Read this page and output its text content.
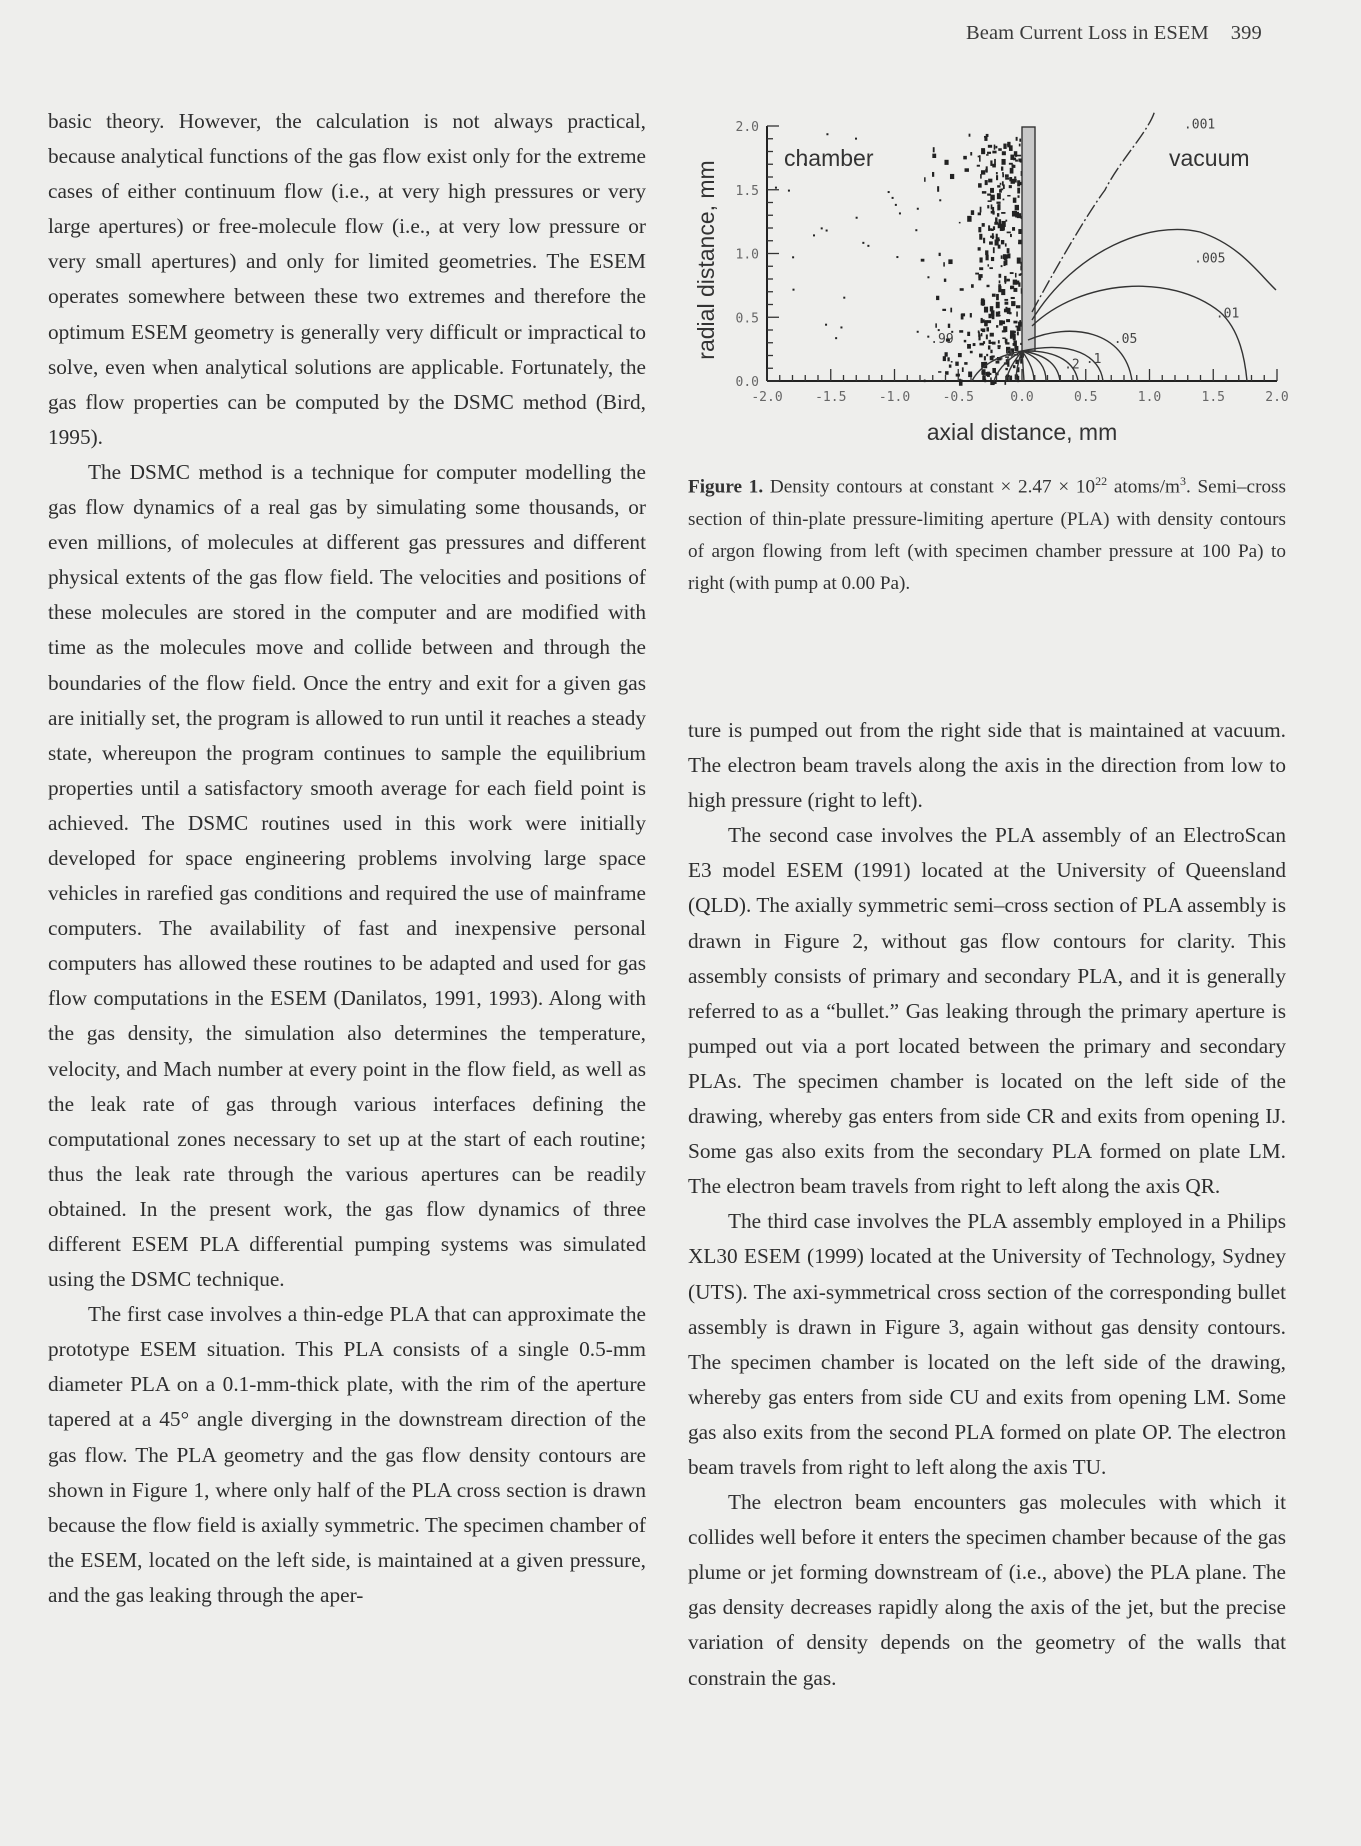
Beam Current Loss in ESEM 399

basic theory. However, the calculation is not always practical, because analytical functions of the gas flow exist only for the extreme cases of either continuum flow (i.e., at very high pressures or very large apertures) or free-molecule flow (i.e., at very low pressure or very small apertures) and only for limited geometries. The ESEM operates somewhere between these two extremes and therefore the optimum ESEM geometry is generally very difficult or impractical to solve, even when analytical solutions are applicable. Fortunately, the gas flow properties can be computed by the DSMC method (Bird, 1995).

The DSMC method is a technique for computer modelling the gas flow dynamics of a real gas by simulating some thousands, or even millions, of molecules at different gas pressures and different physical extents of the gas flow field. The velocities and positions of these molecules are stored in the computer and are modified with time as the molecules move and collide between and through the boundaries of the flow field. Once the entry and exit for a given gas are initially set, the program is allowed to run until it reaches a steady state, whereupon the program continues to sample the equilibrium properties until a satisfactory smooth average for each field point is achieved. The DSMC routines used in this work were initially developed for space engineering problems involving large space vehicles in rarefied gas conditions and required the use of mainframe computers. The availability of fast and inexpensive personal computers has allowed these routines to be adapted and used for gas flow computations in the ESEM (Danilatos, 1991, 1993). Along with the gas density, the simulation also determines the temperature, velocity, and Mach number at every point in the flow field, as well as the leak rate of gas through various interfaces defining the computational zones necessary to set up at the start of each routine; thus the leak rate through the various apertures can be readily obtained. In the present work, the gas flow dynamics of three different ESEM PLA differential pumping systems was simulated using the DSMC technique.

The first case involves a thin-edge PLA that can approximate the prototype ESEM situation. This PLA consists of a single 0.5-mm diameter PLA on a 0.1-mm-thick plate, with the rim of the aperture tapered at a 45° angle diverging in the downstream direction of the gas flow. The PLA geometry and the gas flow density contours are shown in Figure 1, where only half of the PLA cross section is drawn because the flow field is axially symmetric. The specimen chamber of the ESEM, located on the left side, is maintained at a given pressure, and the gas leaking through the aper-

radial distance, mm
0.0
0.5
1.0
1.5
2.0
-2.0 -1.5 -1.0 -0.5	0.0	0.5	1.0	1.5	2.0
.99
.9
.2 .1
.05
.01
.005
.001
chamber	vacuum
axial distance, mm
Figure 1. Density contours at constant × $2.47 \times 10^{22}$ atoms/$m^3$. Semi–cross section of thin-plate pressure-limiting aperture (PLA) with density contours of argon flowing from left (with specimen chamber pressure at 100 Pa) to right (with pump at 0.00 Pa).

ture is pumped out from the right side that is maintained at vacuum. The electron beam travels along the axis in the direction from low to high pressure (right to left).

The second case involves the PLA assembly of an ElectroScan E3 model ESEM (1991) located at the University of Queensland (QLD). The axially symmetric semi–cross section of PLA assembly is drawn in Figure 2, without gas flow contours for clarity. This assembly consists of primary and secondary PLA, and it is generally referred to as a “bullet.” Gas leaking through the primary aperture is pumped out via a port located between the primary and secondary PLAs. The specimen chamber is located on the left side of the drawing, whereby gas enters from side CR and exits from opening IJ. Some gas also exits from the secondary PLA formed on plate LM. The electron beam travels from right to left along the axis QR.

The third case involves the PLA assembly employed in a Philips XL30 ESEM (1999) located at the University of Technology, Sydney (UTS). The axi-symmetrical cross section of the corresponding bullet assembly is drawn in Figure 3, again without gas density contours. The specimen chamber is located on the left side of the drawing, whereby gas enters from side CU and exits from opening LM. Some gas also exits from the second PLA formed on plate OP. The electron beam travels from right to left along the axis TU.

The electron beam encounters gas molecules with which it collides well before it enters the specimen chamber because of the gas plume or jet forming downstream of (i.e., above) the PLA plane. The gas density decreases rapidly along the axis of the jet, but the precise variation of density depends on the geometry of the walls that constrain the gas.
